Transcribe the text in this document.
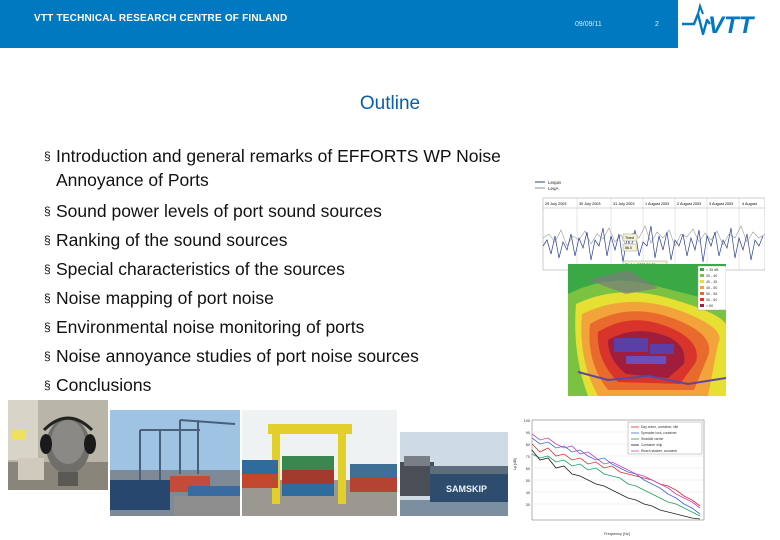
VTT TECHNICAL RESEARCH CENTRE OF FINLAND
09/09/11	2 VTT
Outline
§ Introduction and general remarks of EFFORTS WP Noise Annoyance of Ports
§ Sound power levels of port sound sources
§ Ranking of the sound sources
§ Special characteristics of the sources
§ Noise mapping of port noise
§ Environmental noise monitoring of ports
§ Noise annoyance studies of port noise sources
§ Conclusions
Lequiv
LeqA
29 July 2003	30 July 2003	31 July 2003	1 August 2003 2 August 2003 3 August 2003 4 August
Tined
56.0
< 35 dB
35 - 40
40 - 45
45 - 50
50 - 55
55 - 60
> 60
SAMSKIP
100
90
80
70
60
50
40
30
Lp [dB]
Frequency [Hz]
Day crane, container, idle
Spreader lock, container
Straddle carrier
Container ship
Reach stacker, container
